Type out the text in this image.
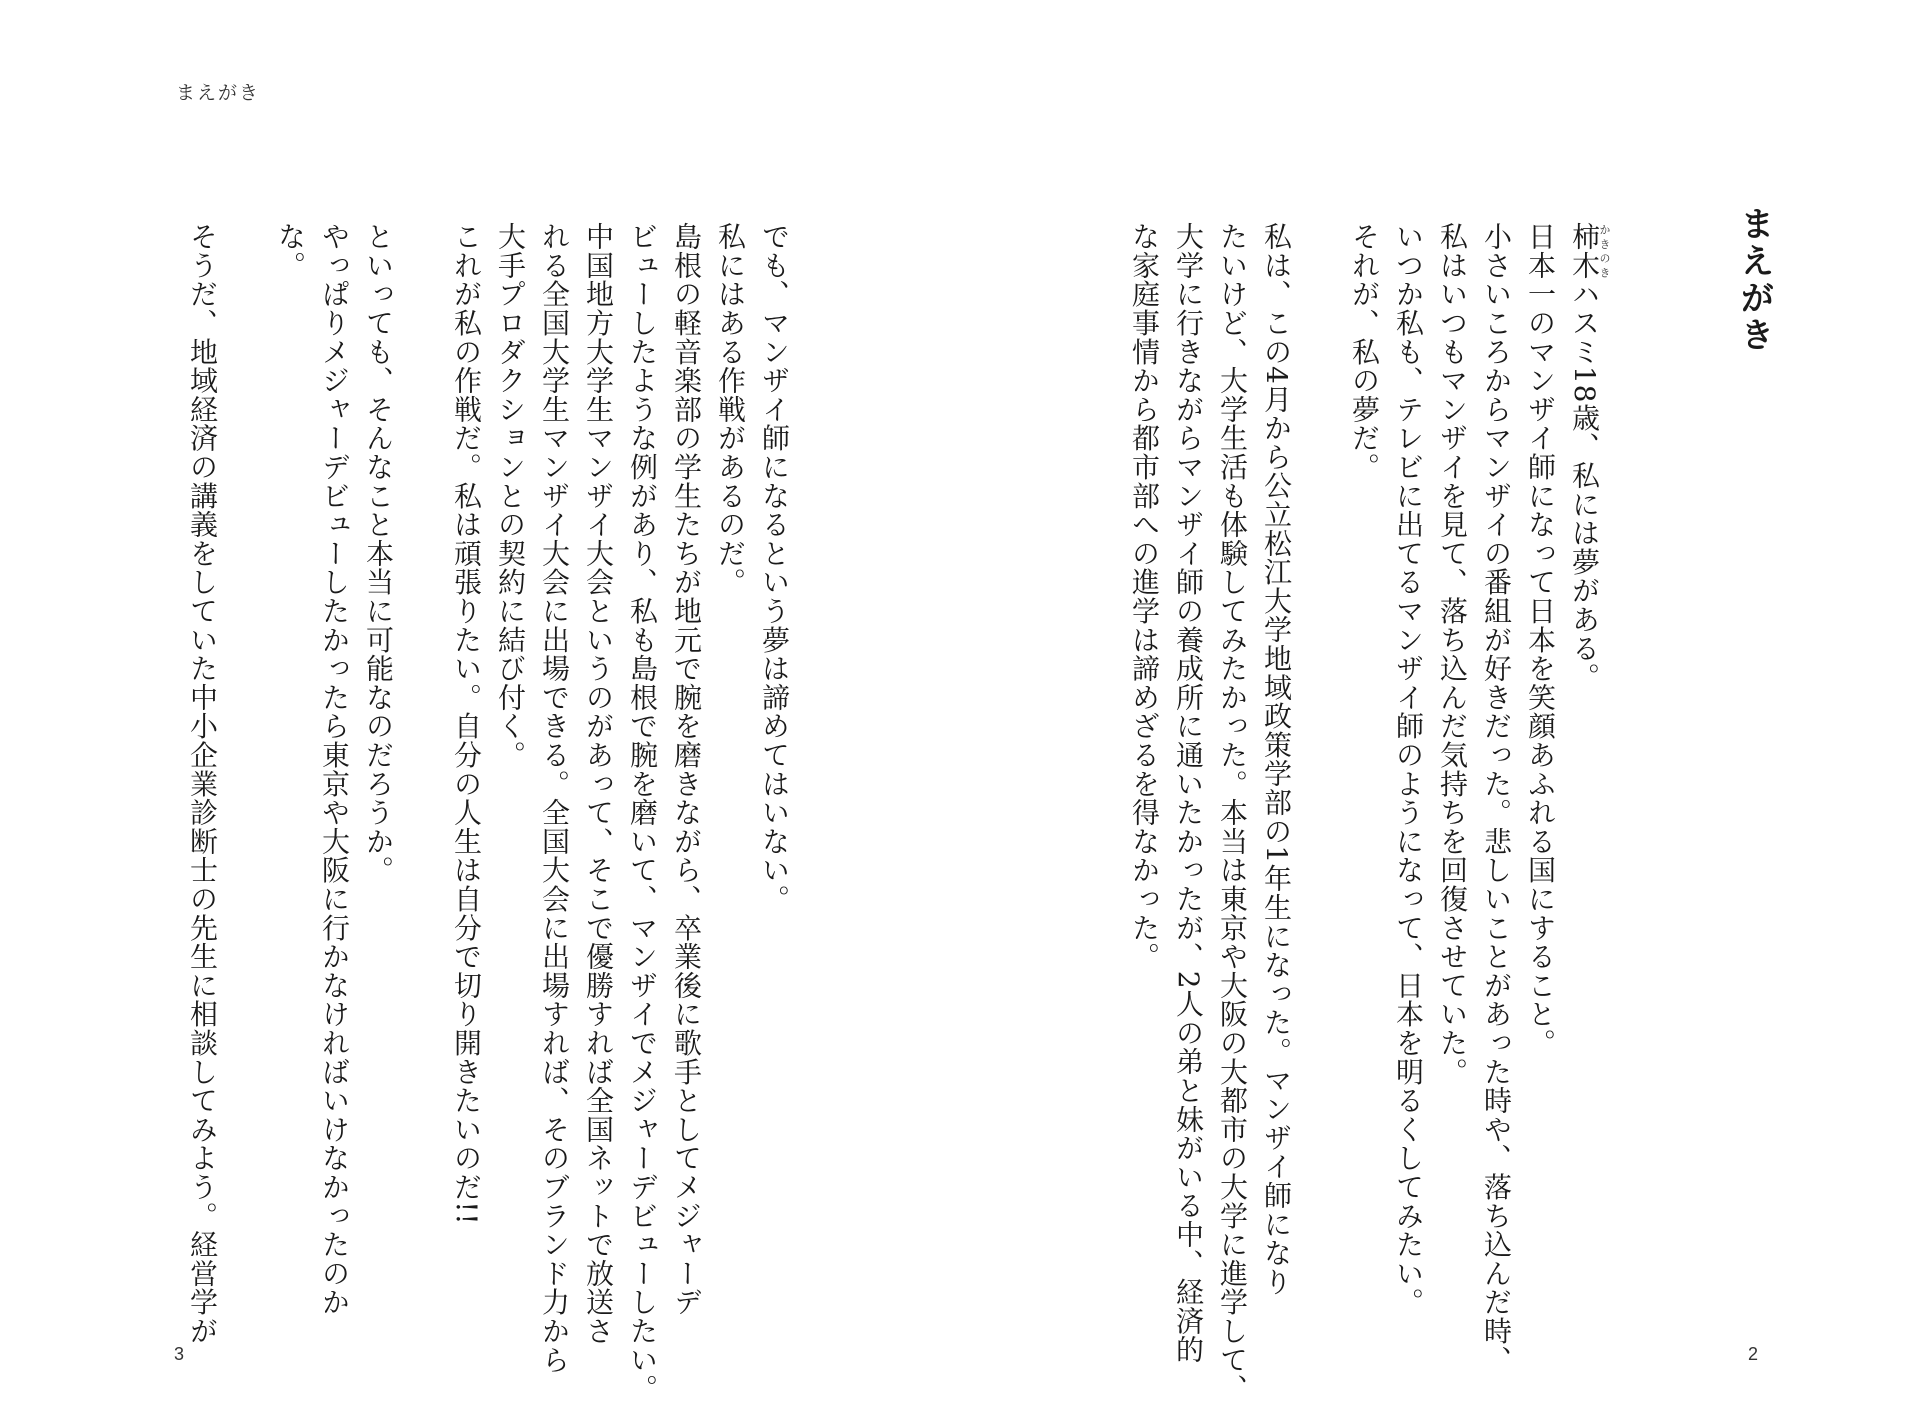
まえがき
まえがき
柿木かきのきハスミ18歳、私には夢がある。
日本一のマンザイ師になって日本を笑顔あふれる国にすること。
小さいころからマンザイの番組が好きだった。悲しいことがあった時や、落ち込んだ時、
私はいつもマンザイを見て、落ち込んだ気持ちを回復させていた。
いつか私も、テレビに出てるマンザイ師のようになって、日本を明るくしてみたい。
それが、私の夢だ。
私は、この4月から公立松江大学地域政策学部の1年生になった。マンザイ師になり
たいけど、大学生活も体験してみたかった。本当は東京や大阪の大都市の大学に進学して、
大学に行きながらマンザイ師の養成所に通いたかったが、2人の弟と妹がいる中、経済的
な家庭事情から都市部への進学は諦めざるを得なかった。
でも、マンザイ師になるという夢は諦めてはいない。
私にはある作戦があるのだ。
島根の軽音楽部の学生たちが地元で腕を磨きながら、卒業後に歌手としてメジャーデ
ビューしたような例があり、私も島根で腕を磨いて、マンザイでメジャーデビューしたい。
中国地方大学生マンザイ大会というのがあって、そこで優勝すれば全国ネットで放送さ
れる全国大学生マンザイ大会に出場できる。全国大会に出場すれば、そのブランド力から
大手プロダクションとの契約に結び付く。
これが私の作戦だ。私は頑張りたい。自分の人生は自分で切り開きたいのだ!!
といっても、そんなこと本当に可能なのだろうか。
やっぱりメジャーデビューしたかったら東京や大阪に行かなければいけなかったのか
な。
そうだ、地域経済の講義をしていた中小企業診断士の先生に相談してみよう。経営学が
3	2
